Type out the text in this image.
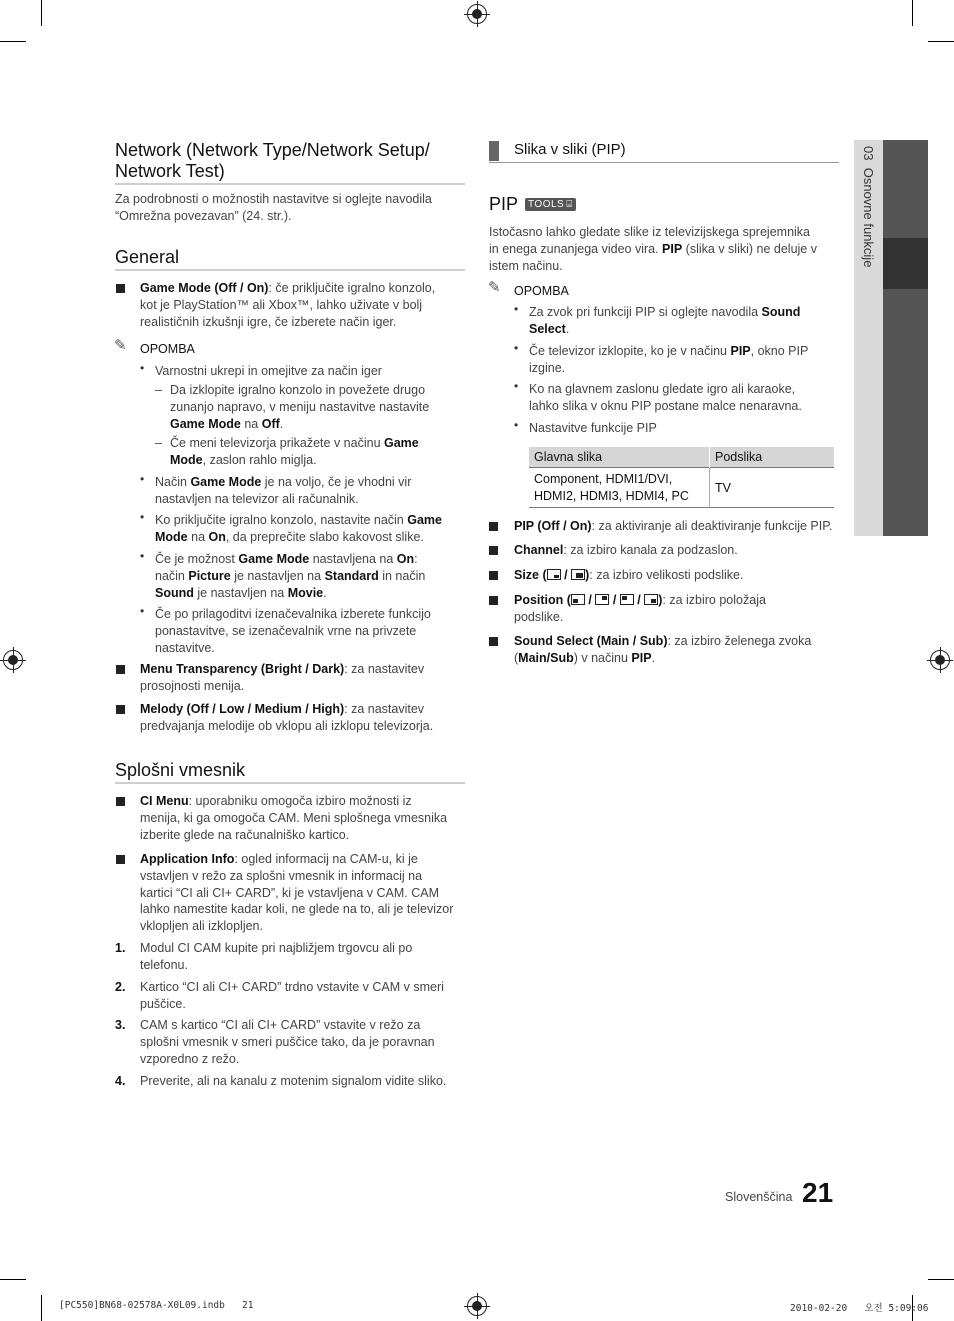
Network (Network Type/Network Setup/
Network Test)
Za podrobnosti o možnostih nastavitve si oglejte navodila
“Omrežna povezavan” (24. str.).
General
Game Mode (Off / On): če priključite igralno konzolo,
kot je PlayStation™ ali Xbox™, lahko uživate v bolj
realističnih izkušnji igre, če izberete način iger.
✎ OPOMBA
• Varnostni ukrepi in omejitve za način iger
– Da izklopite igralno konzolo in povežete drugo
zunanjo napravo, v meniju nastavitve nastavite
Game Mode na Off.
– Če meni televizorja prikažete v načinu Game
Mode, zaslon rahlo miglja.
• Način Game Mode je na voljo, če je vhodni vir
nastavljen na televizor ali računalnik.
• Ko priključite igralno konzolo, nastavite način Game
Mode na On, da preprečite slabo kakovost slike.
• Če je možnost Game Mode nastavljena na On:
način Picture je nastavljen na Standard in način
Sound je nastavljen na Movie.
• Če po prilagoditvi izenačevalnika izberete funkcijo
ponastavitve, se izenačevalnik vrne na privzete
nastavitve.
Menu Transparency (Bright / Dark): za nastavitev
prosojnosti menija.
Melody (Off / Low / Medium / High): za nastavitev
predvajanja melodije ob vklopu ali izklopu televizorja.
Splošni vmesnik
CI Menu: uporabniku omogoča izbiro možnosti iz
menija, ki ga omogoča CAM. Meni splošnega vmesnika
izberite glede na računalniško kartico.
Application Info: ogled informacij na CAM-u, ki je
vstavljen v režo za splošni vmesnik in informacij na
kartici “CI ali CI+ CARD”, ki je vstavljena v CAM. CAM
lahko namestite kadar koli, ne glede na to, ali je televizor
vklopljen ali izklopljen.
1. Modul CI CAM kupite pri najbližjem trgovcu ali po
telefonu.
2. Kartico “CI ali CI+ CARD” trdno vstavite v CAM v smeri
puščice.
3. CAM s kartico “CI ali CI+ CARD” vstavite v režo za
splošni vmesnik v smeri puščice tako, da je poravnan
vzporedno z režo.
4. Preverite, ali na kanalu z motenim signalom vidite sliko.
Slika v sliki (PIP)
PIP TOOLS ⌸
Istočasno lahko gledate slike iz televizijskega sprejemnika
in enega zunanjega video vira. PIP (slika v sliki) ne deluje v
istem načinu.
✎ OPOMBA
• Za zvok pri funkciji PIP si oglejte navodila Sound
Select.
• Če televizor izklopite, ko je v načinu PIP, okno PIP
izgine.
• Ko na glavnem zaslonu gledate igro ali karaoke,
lahko slika v oknu PIP postane malce nenaravna.
• Nastavitve funkcije PIP
Glavna slika	Podslika

Component, HDMI1/DVI,
HDMI2, HDMI3, HDMI4, PC	TV
PIP (Off / On): za aktiviranje ali deaktiviranje funkcije PIP.
Channel: za izbiro kanala za podzaslon.
Size (
/
): za izbiro velikosti podslike.
Position (
/
/
/
): za izbiro položaja
podslike.
Sound Select (Main / Sub): za izbiro želenega zvoka
(Main/Sub) v načinu PIP.
03  Osnovne funkcije
Slovenščina 21
[PC550]BN68-02578A-X0L09.indb   21	2010-02-20   오전 5:09:06
